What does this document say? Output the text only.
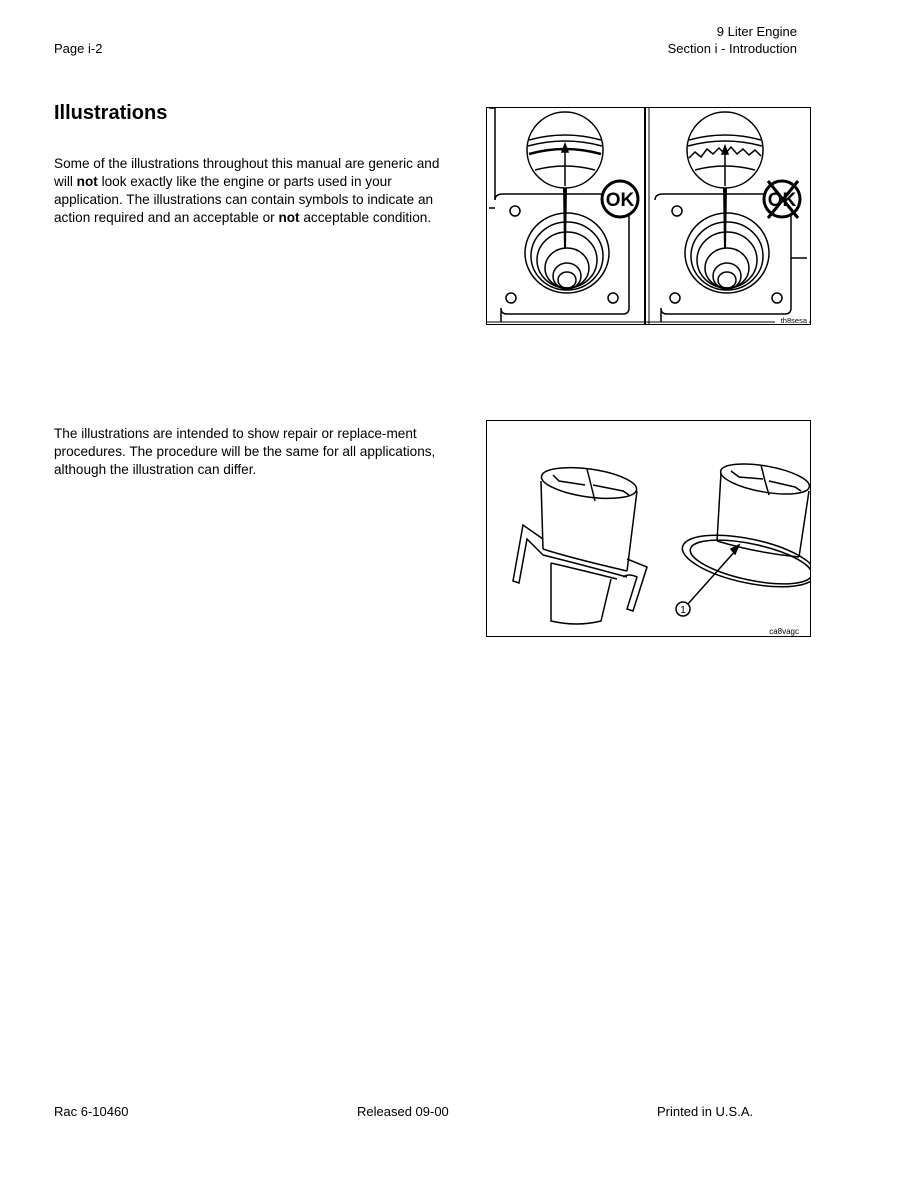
Page i-2
9 Liter Engine
Section i - Introduction
Illustrations

Some of the illustrations throughout this manual are generic and will not look exactly like the engine or parts used in your application. The illustrations can contain symbols to indicate an action required and an acceptable or not acceptable condition.

The illustrations are intended to show repair or replace-ment procedures. The procedure will be the same for all applications, although the illustration can differ.

OK	OK
th8sesa
1
ca8vagc
Rac 6-10460	Released 09-00	Printed in U.S.A.
